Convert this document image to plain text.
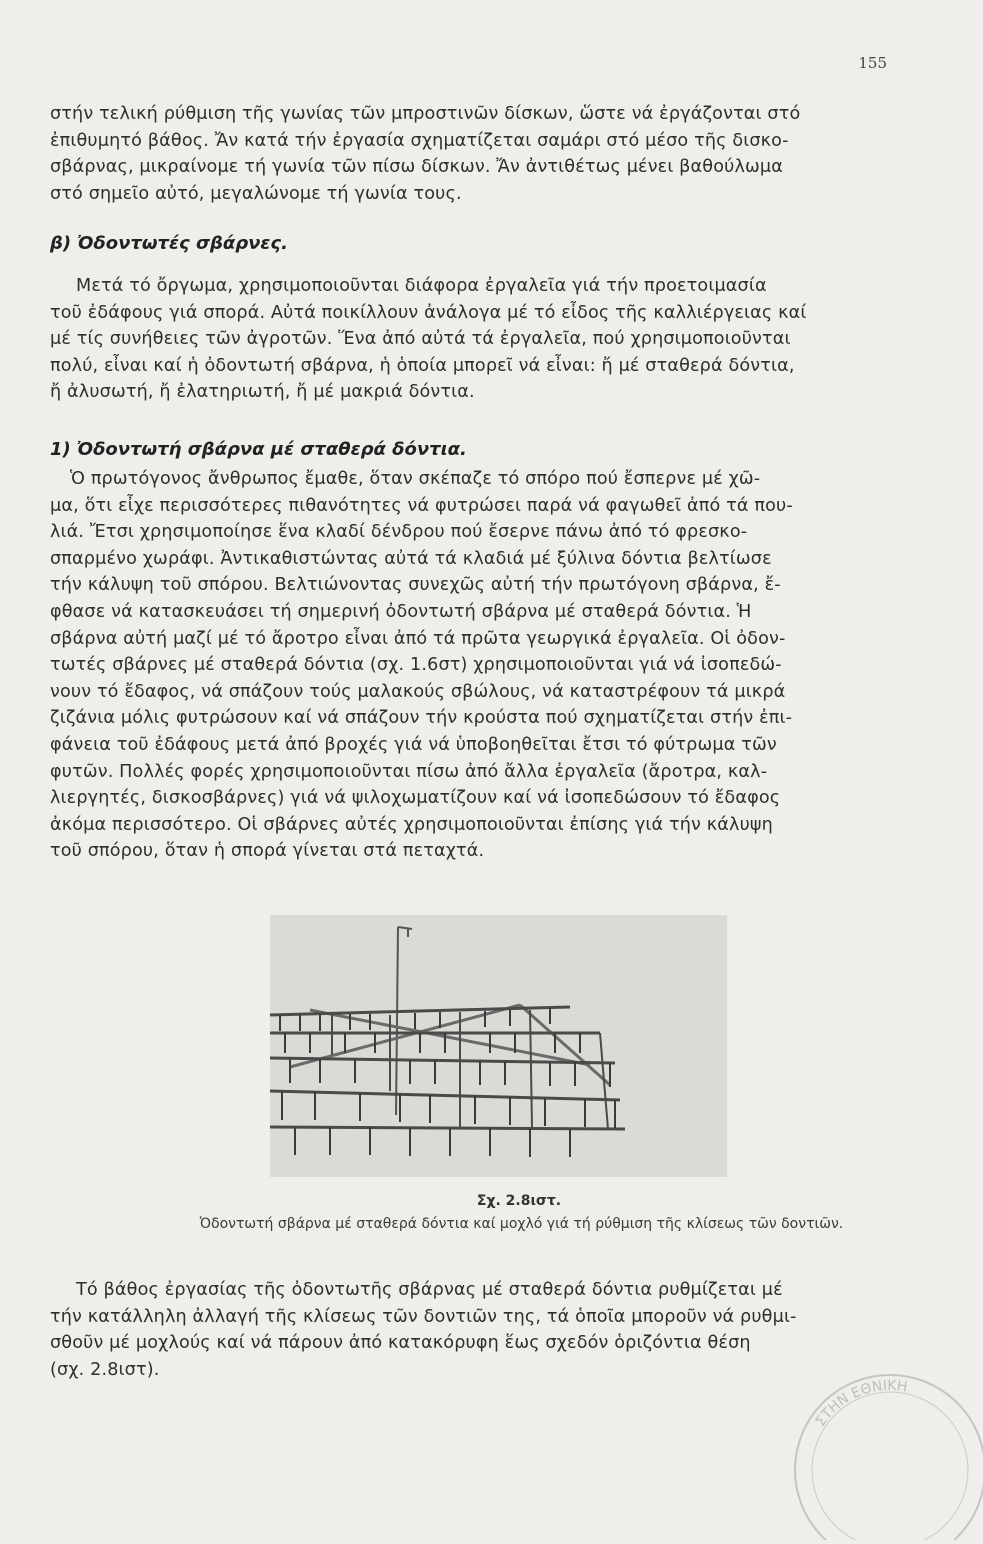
155
στήν τελική ρύθμιση τῆς γωνίας τῶν μπροστινῶν δίσκων, ὥστε νά ἐργάζονται στό
ἐπιθυμητό βάθος. Ἄν κατά τήν ἐργασία σχηματίζεται σαμάρι στό μέσο τῆς δισκο-
σβάρνας, μικραίνομε τή γωνία τῶν πίσω δίσκων. Ἄν ἀντιθέτως μένει βαθούλωμα
στό σημεῖο αὐτό, μεγαλώνομε τή γωνία τους.
β) Ὀδοντωτές σβάρνες.
Μετά τό ὄργωμα, χρησιμοποιοῦνται διάφορα ἐργαλεῖα γιά τήν προετοιμασία
τοῦ ἐδάφους γιά σπορά. Αὐτά ποικίλλουν ἀνάλογα μέ τό εἶδος τῆς καλλιέργειας καί
μέ τίς συνήθειες τῶν ἀγροτῶν. Ἕνα ἀπό αὐτά τά ἐργαλεῖα, πού χρησιμοποιοῦνται
πολύ, εἶναι καί ἡ ὀδοντωτή σβάρνα, ἡ ὁποία μπορεῖ νά εἶναι: ἤ μέ σταθερά δόντια,
ἤ ἀλυσωτή, ἤ ἐλατηριωτή, ἤ μέ μακριά δόντια.
1) Ὀδοντωτή σβάρνα μέ σταθερά δόντια.
Ὁ πρωτόγονος ἄνθρωπος ἔμαθε, ὅταν σκέπαζε τό σπόρο πού ἔσπερνε μέ χῶ-
μα, ὅτι εἶχε περισσότερες πιθανότητες νά φυτρώσει παρά νά φαγωθεῖ ἀπό τά που-
λιά. Ἔτσι χρησιμοποίησε ἕνα κλαδί δένδρου πού ἔσερνε πάνω ἀπό τό φρεσκο-
σπαρμένο χωράφι. Ἀντικαθιστώντας αὐτά τά κλαδιά μέ ξύλινα δόντια βελτίωσε
τήν κάλυψη τοῦ σπόρου. Βελτιώνοντας συνεχῶς αὐτή τήν πρωτόγονη σβάρνα, ἔ-
φθασε νά κατασκευάσει τή σημερινή ὀδοντωτή σβάρνα μέ σταθερά δόντια. Ἡ
σβάρνα αὐτή μαζί μέ τό ἄροτρο εἶναι ἀπό τά πρῶτα γεωργικά ἐργαλεῖα. Οἱ ὀδον-
τωτές σβάρνες μέ σταθερά δόντια (σχ. 1.6στ) χρησιμοποιοῦνται γιά νά ἰσοπεδώ-
νουν τό ἔδαφος, νά σπάζουν τούς μαλακούς σβώλους, νά καταστρέφουν τά μικρά
ζιζάνια μόλις φυτρώσουν καί νά σπάζουν τήν κρούστα πού σχηματίζεται στήν ἐπι-
φάνεια τοῦ ἐδάφους μετά ἀπό βροχές γιά νά ὑποβοηθεῖται ἔτσι τό φύτρωμα τῶν
φυτῶν. Πολλές φορές χρησιμοποιοῦνται πίσω ἀπό ἄλλα ἐργαλεῖα (ἄροτρα, καλ-
λιεργητές, δισκοσβάρνες) γιά νά ψιλοχωματίζουν καί νά ἰσοπεδώσουν τό ἔδαφος
ἀκόμα περισσότερο. Οἱ σβάρνες αὐτές χρησιμοποιοῦνται ἐπίσης γιά τήν κάλυψη
τοῦ σπόρου, ὅταν ἡ σπορά γίνεται στά πεταχτά.
Σχ. 2.8ιστ.
Ὀδοντωτή σβάρνα μέ σταθερά δόντια καί μοχλό γιά τή ρύθμιση τῆς κλίσεως τῶν δοντιῶν.
Τό βάθος ἐργασίας τῆς ὀδοντωτῆς σβάρνας μέ σταθερά δόντια ρυθμίζεται μέ
τήν κατάλληλη ἀλλαγή τῆς κλίσεως τῶν δοντιῶν της, τά ὁποῖα μποροῦν νά ρυθμι-
σθοῦν μέ μοχλούς καί νά πάρουν ἀπό κατακόρυφη ἕως σχεδόν ὁριζόντια θέση
(σχ. 2.8ιστ).
ΣΤΗΝ ΕΘΝΙΚΗ
